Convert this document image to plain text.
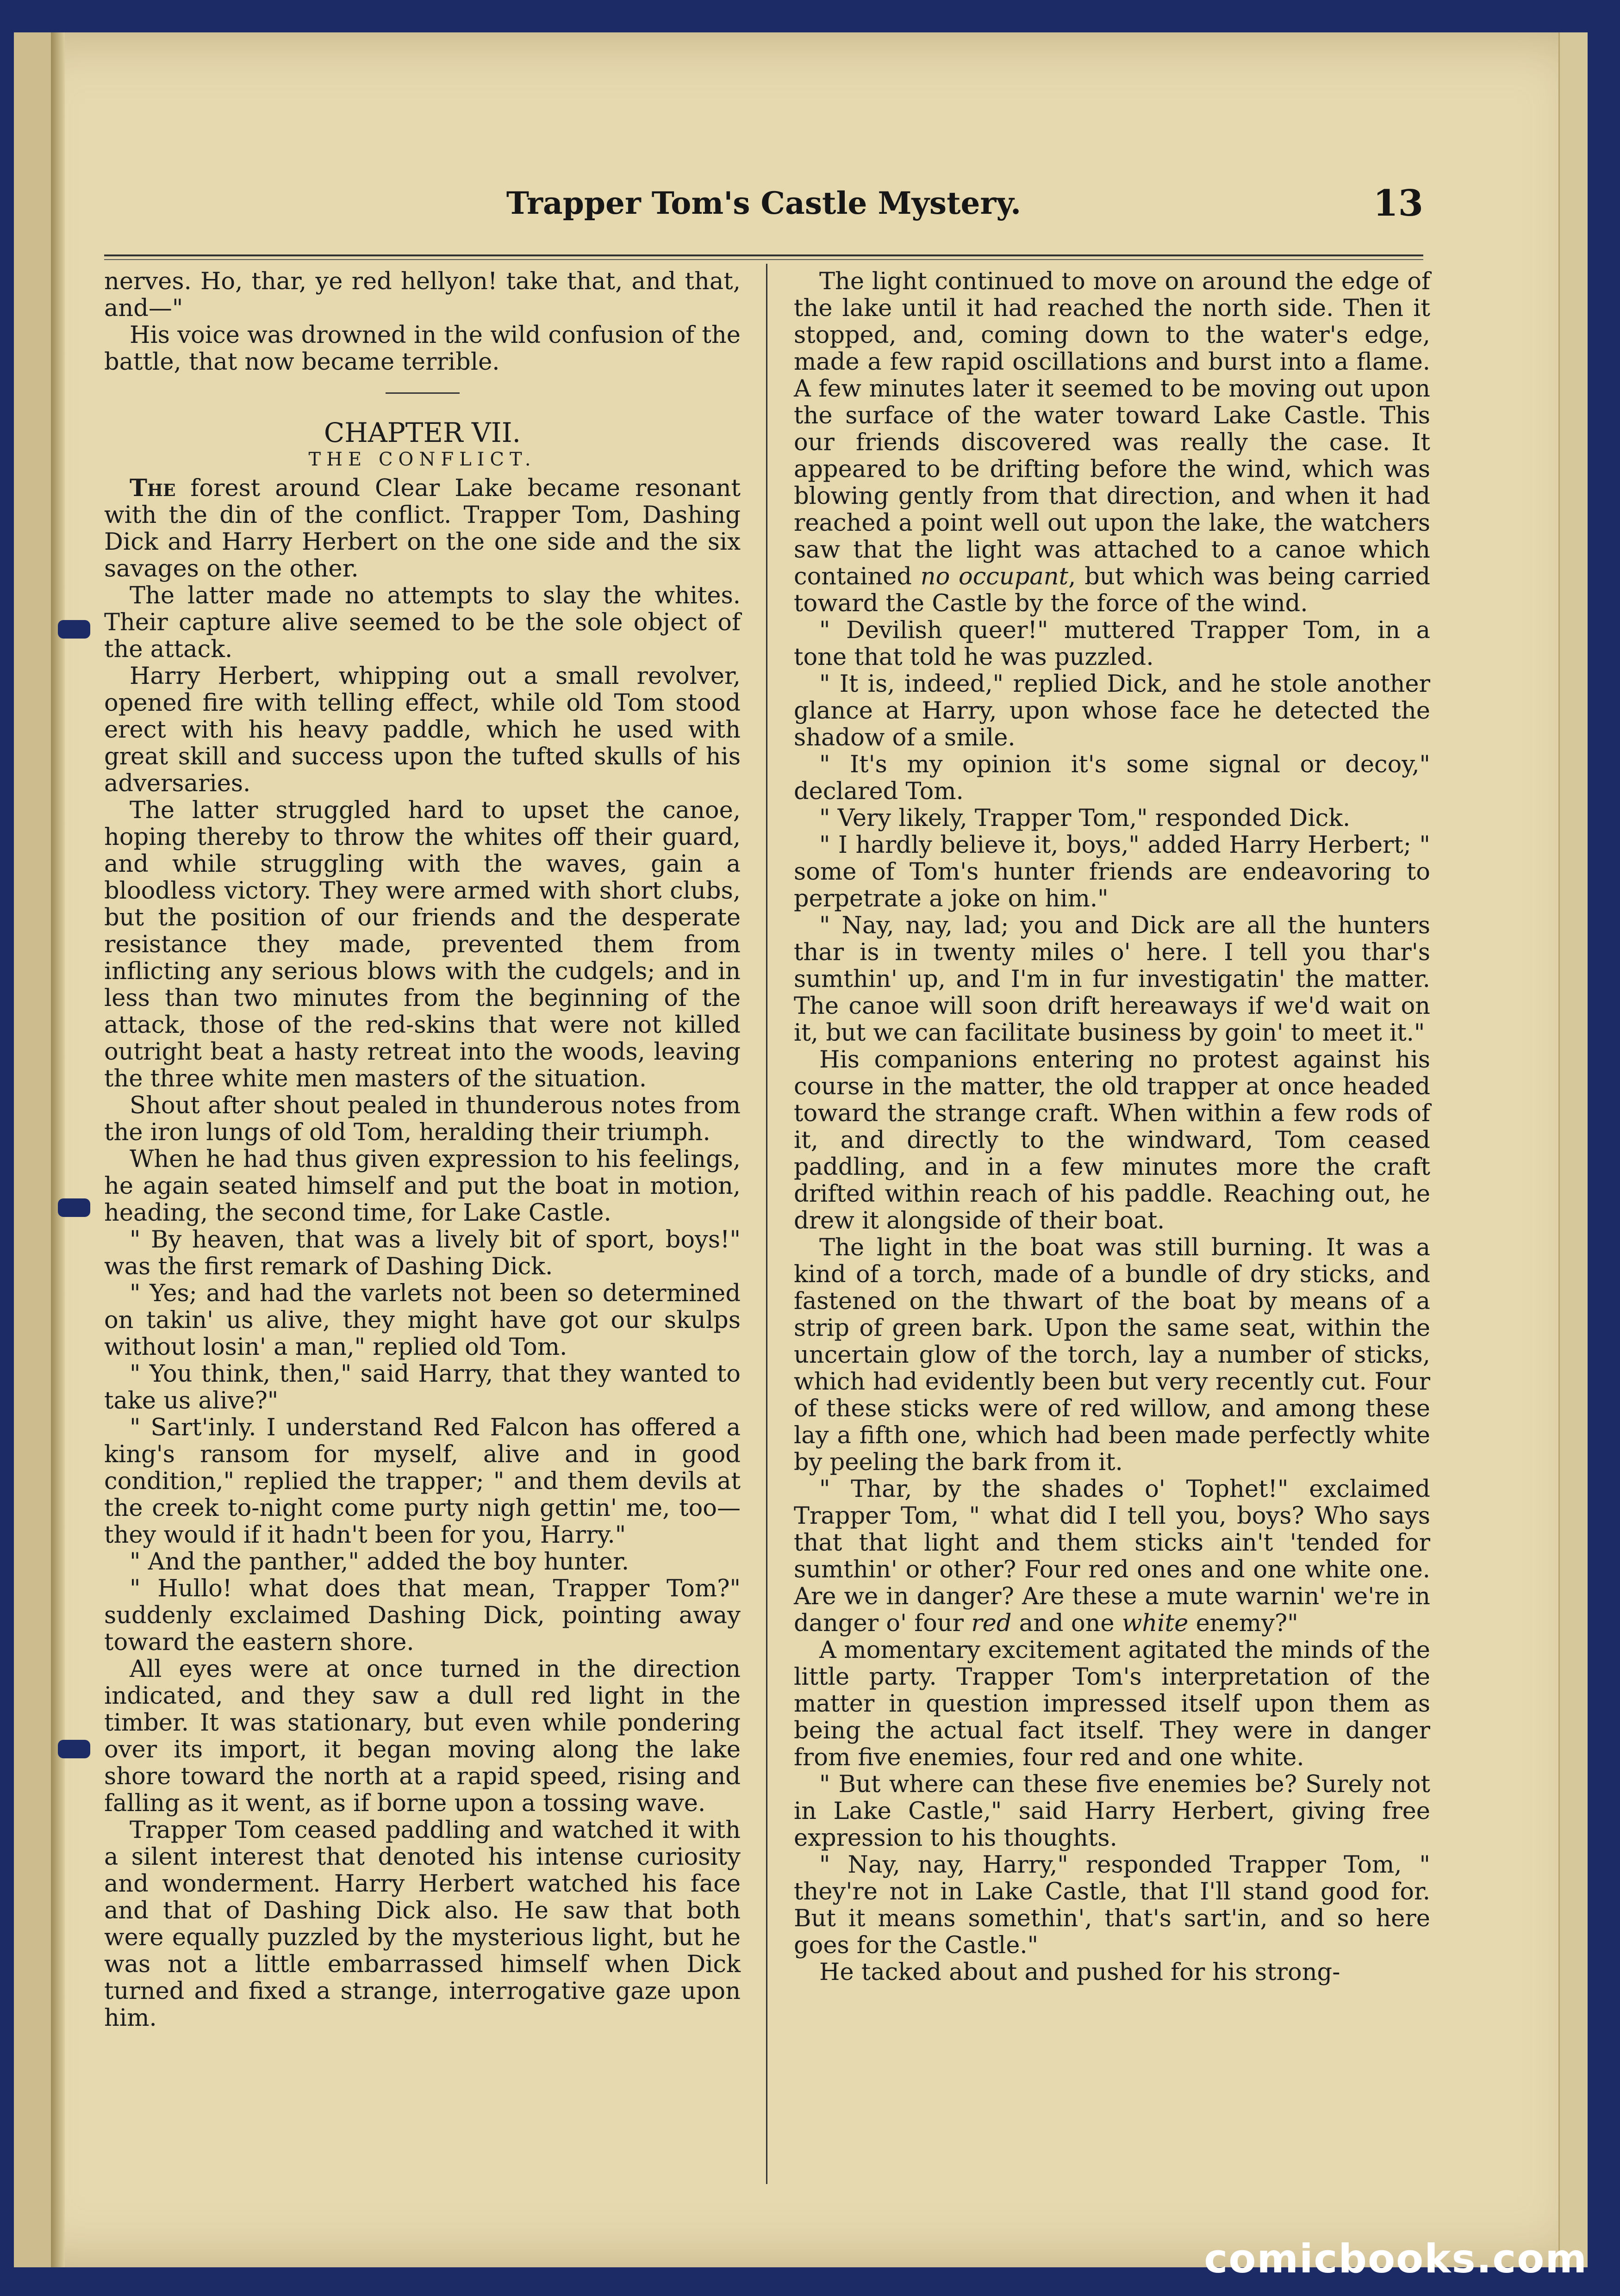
Trapper Tom's Castle Mystery.	13

nerves. Ho, thar, ye red hellyon! take that, and that, and—"

His voice was drowned in the wild confusion of the battle, that now became terrible.

CHAPTER VII.
THE CONFLICT.

The forest around Clear Lake became resonant with the din of the conflict. Trapper Tom, Dashing Dick and Harry Herbert on the one side and the six savages on the other.

The latter made no attempts to slay the whites. Their capture alive seemed to be the sole object of the attack.

Harry Herbert, whipping out a small revolver, opened fire with telling effect, while old Tom stood erect with his heavy paddle, which he used with great skill and success upon the tufted skulls of his adversaries.

The latter struggled hard to upset the canoe, hoping thereby to throw the whites off their guard, and while struggling with the waves, gain a bloodless victory. They were armed with short clubs, but the position of our friends and the desperate resistance they made, prevented them from inflicting any serious blows with the cudgels; and in less than two minutes from the beginning of the attack, those of the red-skins that were not killed outright beat a hasty retreat into the woods, leaving the three white men masters of the situation.

Shout after shout pealed in thunderous notes from the iron lungs of old Tom, heralding their triumph.

When he had thus given expression to his feelings, he again seated himself and put the boat in motion, heading, the second time, for Lake Castle.

" By heaven, that was a lively bit of sport, boys!" was the first remark of Dashing Dick.

" Yes; and had the varlets not been so determined on takin' us alive, they might have got our skulps without losin' a man," replied old Tom.

" You think, then," said Harry, that they wanted to take us alive?"

" Sart'inly. I understand Red Falcon has offered a king's ransom for myself, alive and in good condition," replied the trapper; " and them devils at the creek to-night come purty nigh gettin' me, too—they would if it hadn't been for you, Harry."

" And the panther," added the boy hunter.

" Hullo! what does that mean, Trapper Tom?" suddenly exclaimed Dashing Dick, pointing away toward the eastern shore.

All eyes were at once turned in the direction indicated, and they saw a dull red light in the timber. It was stationary, but even while pondering over its import, it began moving along the lake shore toward the north at a rapid speed, rising and falling as it went, as if borne upon a tossing wave.

Trapper Tom ceased paddling and watched it with a silent interest that denoted his intense curiosity and wonderment. Harry Herbert watched his face and that of Dashing Dick also. He saw that both were equally puzzled by the mysterious light, but he was not a little embarrassed himself when Dick turned and fixed a strange, interrogative gaze upon him.

The light continued to move on around the edge of the lake until it had reached the north side. Then it stopped, and, coming down to the water's edge, made a few rapid oscillations and burst into a flame. A few minutes later it seemed to be moving out upon the surface of the water toward Lake Castle. This our friends discovered was really the case. It appeared to be drifting before the wind, which was blowing gently from that direction, and when it had reached a point well out upon the lake, the watchers saw that the light was attached to a canoe which contained no occupant, but which was being carried toward the Castle by the force of the wind.

" Devilish queer!" muttered Trapper Tom, in a tone that told he was puzzled.

" It is, indeed," replied Dick, and he stole another glance at Harry, upon whose face he detected the shadow of a smile.

" It's my opinion it's some signal or decoy," declared Tom.

" Very likely, Trapper Tom," responded Dick.

" I hardly believe it, boys," added Harry Herbert; " some of Tom's hunter friends are endeavoring to perpetrate a joke on him."

" Nay, nay, lad; you and Dick are all the hunters thar is in twenty miles o' here. I tell you thar's sumthin' up, and I'm in fur investigatin' the matter. The canoe will soon drift hereaways if we'd wait on it, but we can facilitate business by goin' to meet it."

His companions entering no protest against his course in the matter, the old trapper at once headed toward the strange craft. When within a few rods of it, and directly to the windward, Tom ceased paddling, and in a few minutes more the craft drifted within reach of his paddle. Reaching out, he drew it alongside of their boat.

The light in the boat was still burning. It was a kind of a torch, made of a bundle of dry sticks, and fastened on the thwart of the boat by means of a strip of green bark. Upon the same seat, within the uncertain glow of the torch, lay a number of sticks, which had evidently been but very recently cut. Four of these sticks were of red willow, and among these lay a fifth one, which had been made perfectly white by peeling the bark from it.

" Thar, by the shades o' Tophet!" exclaimed Trapper Tom, " what did I tell you, boys? Who says that that light and them sticks ain't 'tended for sumthin' or other? Four red ones and one white one. Are we in danger? Are these a mute warnin' we're in danger o' four red and one white enemy?"

A momentary excitement agitated the minds of the little party. Trapper Tom's interpretation of the matter in question impressed itself upon them as being the actual fact itself. They were in danger from five enemies, four red and one white.

" But where can these five enemies be? Surely not in Lake Castle," said Harry Herbert, giving free expression to his thoughts.

" Nay, nay, Harry," responded Trapper Tom, " they're not in Lake Castle, that I'll stand good for. But it means somethin', that's sart'in, and so here goes for the Castle."

He tacked about and pushed for his strong-

comicbooks.com
